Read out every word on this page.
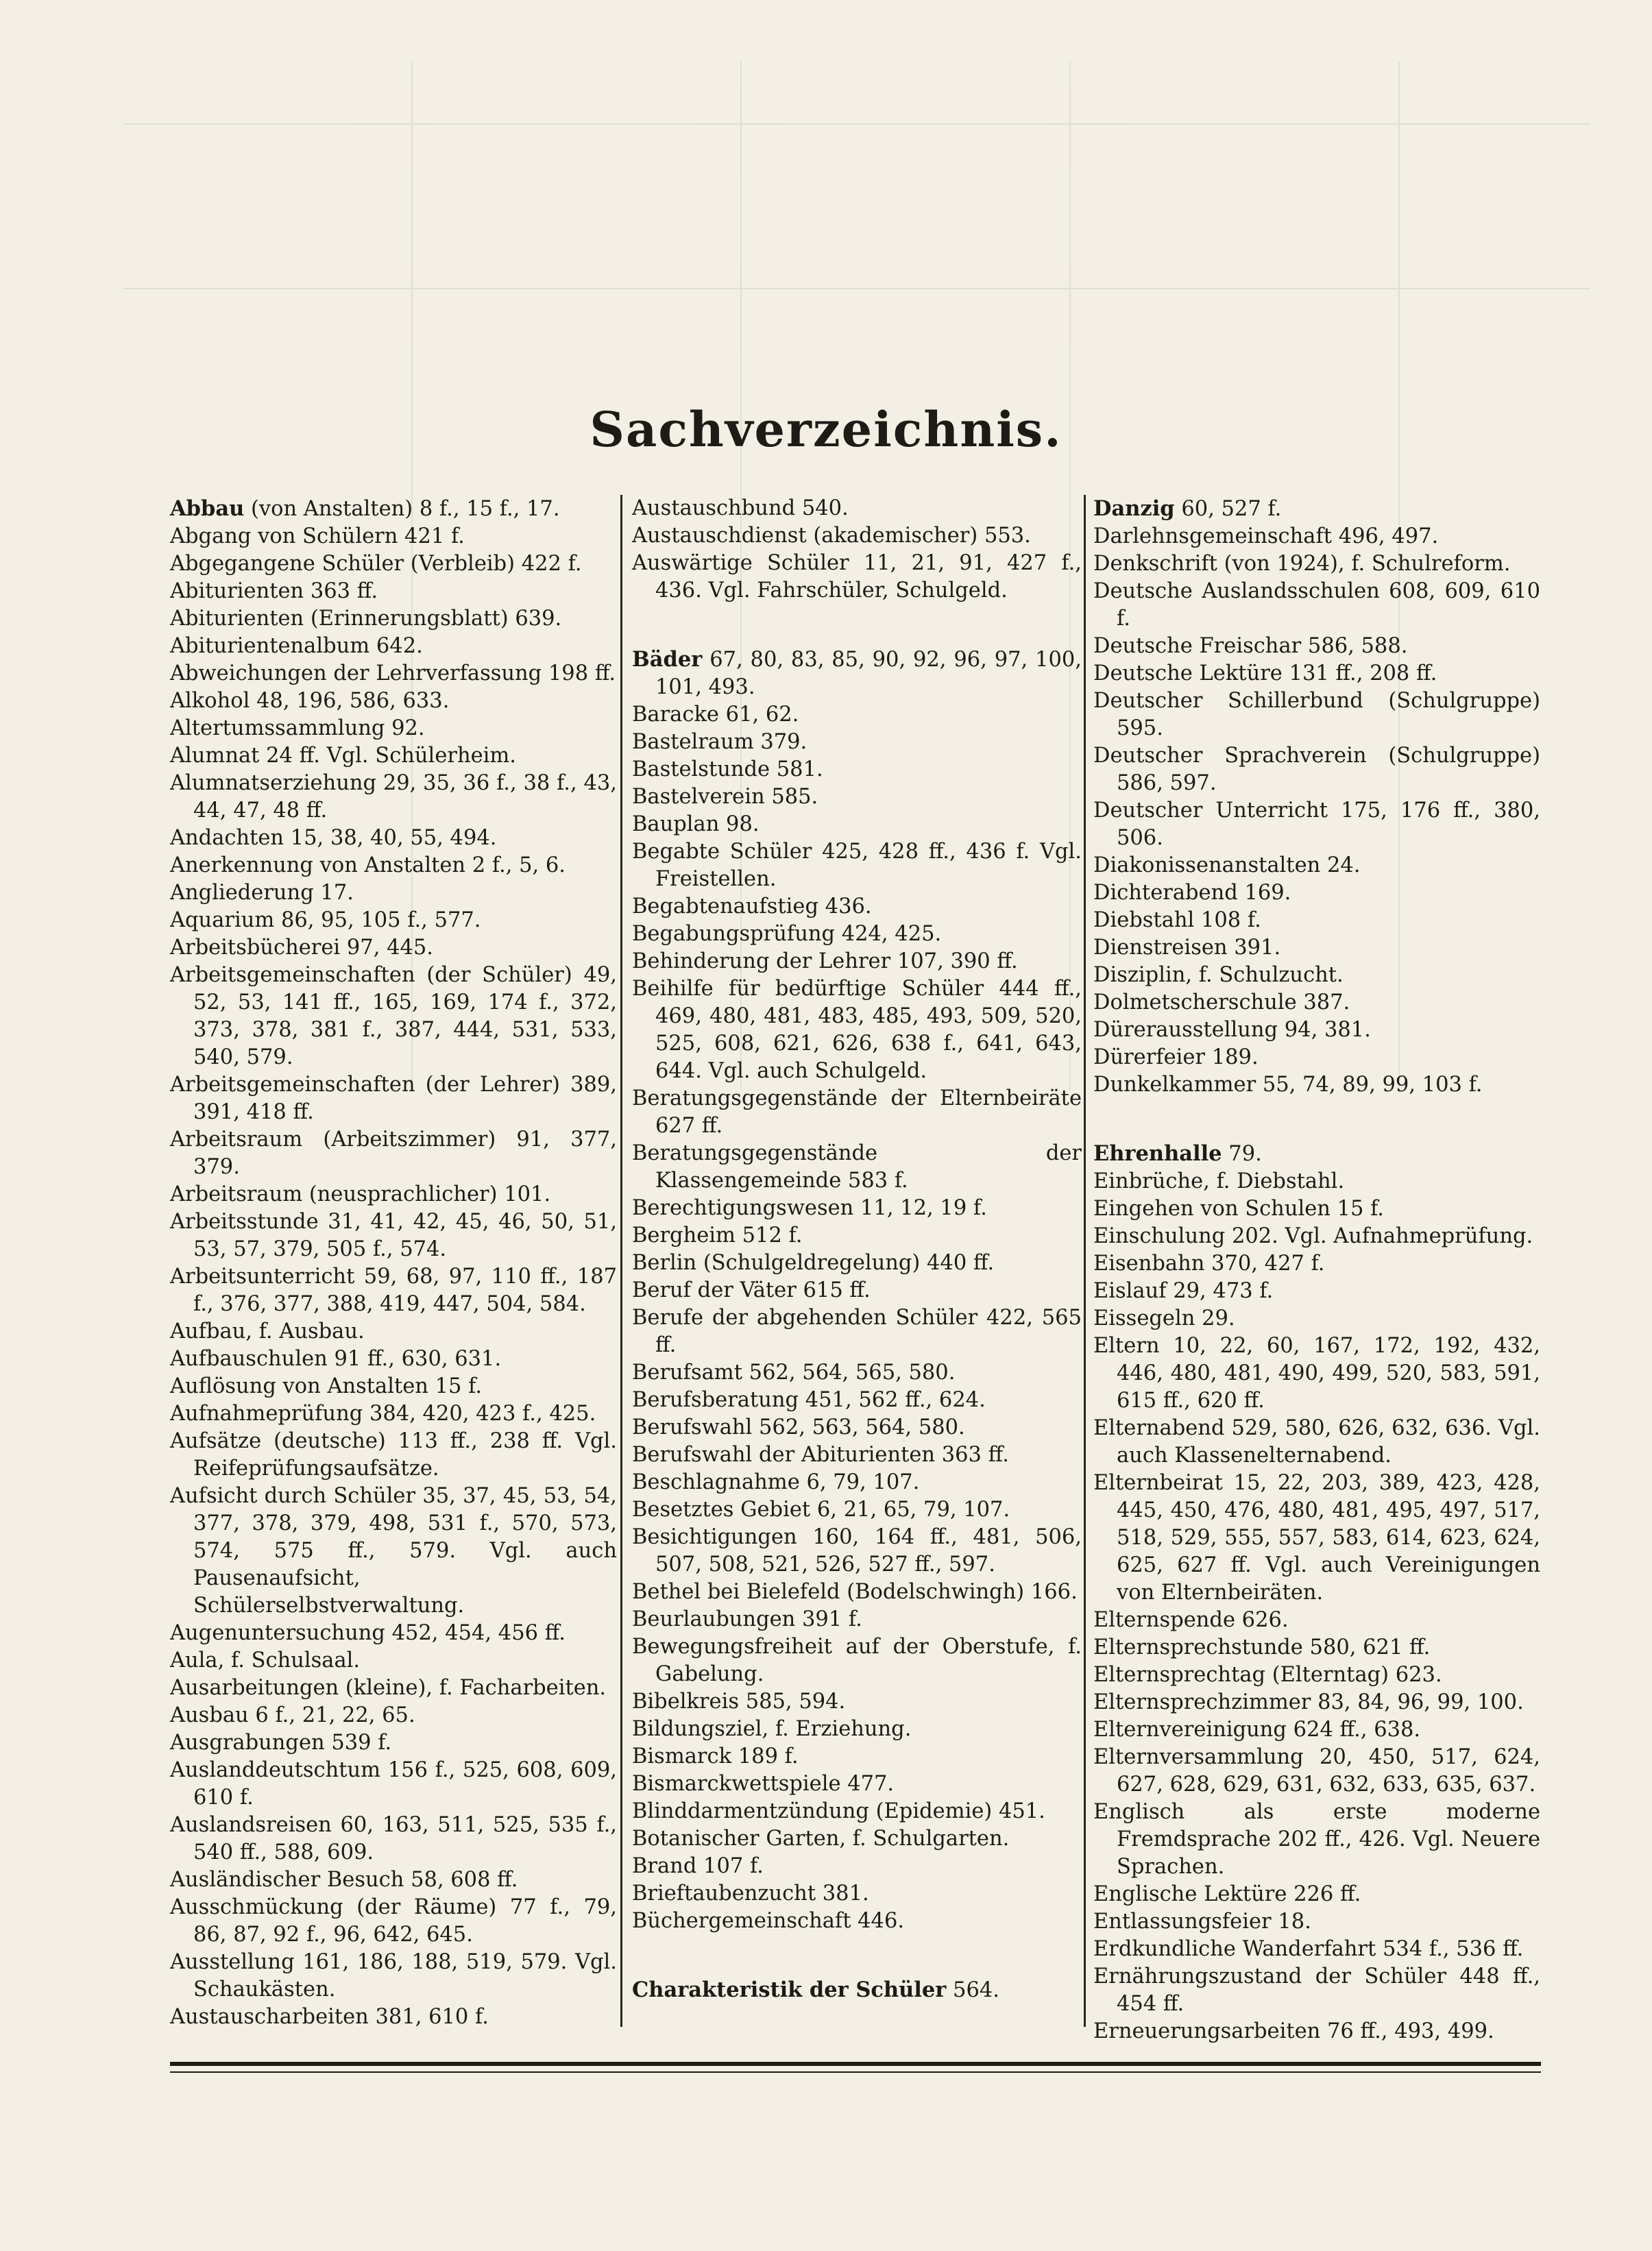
Sachverzeichnis.
Abbau (von Anstalten) 8 f., 15 f., 17.
Abgang von Schülern 421 f.
Abgegangene Schüler (Verbleib) 422 f.
Abiturienten 363 ff.
Abiturienten (Erinnerungsblatt) 639.
Abiturientenalbum 642.
Abweichungen der Lehrverfassung 198 ff.
Alkohol 48, 196, 586, 633.
Altertumssammlung 92.
Alumnat 24 ff. Vgl. Schülerheim.
Alumnatserziehung 29, 35, 36 f., 38 f., 43, 44, 47, 48 ff.
Andachten 15, 38, 40, 55, 494.
Anerkennung von Anstalten 2 f., 5, 6.
Angliederung 17.
Aquarium 86, 95, 105 f., 577.
Arbeitsbücherei 97, 445.
Arbeitsgemeinschaften (der Schüler) 49, 52, 53, 141 ff., 165, 169, 174 f., 372, 373, 378, 381 f., 387, 444, 531, 533, 540, 579.
Arbeitsgemeinschaften (der Lehrer) 389, 391, 418 ff.
Arbeitsraum (Arbeitszimmer) 91, 377, 379.
Arbeitsraum (neusprachlicher) 101.
Arbeitsstunde 31, 41, 42, 45, 46, 50, 51, 53, 57, 379, 505 f., 574.
Arbeitsunterricht 59, 68, 97, 110 ff., 187 f., 376, 377, 388, 419, 447, 504, 584.
Aufbau, f. Ausbau.
Aufbauschulen 91 ff., 630, 631.
Auflösung von Anstalten 15 f.
Aufnahmeprüfung 384, 420, 423 f., 425.
Aufsätze (deutsche) 113 ff., 238 ff. Vgl. Reifeprüfungsaufsätze.
Aufsicht durch Schüler 35, 37, 45, 53, 54, 377, 378, 379, 498, 531 f., 570, 573, 574, 575 ff., 579. Vgl. auch Pausenaufsicht, Schülerselbstverwaltung.
Augenuntersuchung 452, 454, 456 ff.
Aula, f. Schulsaal.
Ausarbeitungen (kleine), f. Facharbeiten.
Ausbau 6 f., 21, 22, 65.
Ausgrabungen 539 f.
Auslanddeutschtum 156 f., 525, 608, 609, 610 f.
Auslandsreisen 60, 163, 511, 525, 535 f., 540 ff., 588, 609.
Ausländischer Besuch 58, 608 ff.
Ausschmückung (der Räume) 77 f., 79, 86, 87, 92 f., 96, 642, 645.
Ausstellung 161, 186, 188, 519, 579. Vgl. Schaukästen.
Austauscharbeiten 381, 610 f.
Austauschbund 540.
Austauschdienst (akademischer) 553.
Auswärtige Schüler 11, 21, 91, 427 f., 436. Vgl. Fahrschüler, Schulgeld.
Bäder 67, 80, 83, 85, 90, 92, 96, 97, 100, 101, 493.
Baracke 61, 62.
Bastelraum 379.
Bastelstunde 581.
Bastelverein 585.
Bauplan 98.
Begabte Schüler 425, 428 ff., 436 f. Vgl. Freistellen.
Begabtenaufstieg 436.
Begabungsprüfung 424, 425.
Behinderung der Lehrer 107, 390 ff.
Beihilfe für bedürftige Schüler 444 ff., 469, 480, 481, 483, 485, 493, 509, 520, 525, 608, 621, 626, 638 f., 641, 643, 644. Vgl. auch Schulgeld.
Beratungsgegenstände der Elternbeiräte 627 ff.
Beratungsgegenstände der Klassengemeinde 583 f.
Berechtigungswesen 11, 12, 19 f.
Bergheim 512 f.
Berlin (Schulgeldregelung) 440 ff.
Beruf der Väter 615 ff.
Berufe der abgehenden Schüler 422, 565 ff.
Berufsamt 562, 564, 565, 580.
Berufsberatung 451, 562 ff., 624.
Berufswahl 562, 563, 564, 580.
Berufswahl der Abiturienten 363 ff.
Beschlagnahme 6, 79, 107.
Besetztes Gebiet 6, 21, 65, 79, 107.
Besichtigungen 160, 164 ff., 481, 506, 507, 508, 521, 526, 527 ff., 597.
Bethel bei Bielefeld (Bodelschwingh) 166.
Beurlaubungen 391 f.
Bewegungsfreiheit auf der Oberstufe, f. Gabelung.
Bibelkreis 585, 594.
Bildungsziel, f. Erziehung.
Bismarck 189 f.
Bismarckwettspiele 477.
Blinddarmentzündung (Epidemie) 451.
Botanischer Garten, f. Schulgarten.
Brand 107 f.
Brieftaubenzucht 381.
Büchergemeinschaft 446.
Charakteristik der Schüler 564.
Danzig 60, 527 f.
Darlehnsgemeinschaft 496, 497.
Denkschrift (von 1924), f. Schulreform.
Deutsche Auslandsschulen 608, 609, 610 f.
Deutsche Freischar 586, 588.
Deutsche Lektüre 131 ff., 208 ff.
Deutscher Schillerbund (Schulgruppe) 595.
Deutscher Sprachverein (Schulgruppe) 586, 597.
Deutscher Unterricht 175, 176 ff., 380, 506.
Diakonissenanstalten 24.
Dichterabend 169.
Diebstahl 108 f.
Dienstreisen 391.
Disziplin, f. Schulzucht.
Dolmetscherschule 387.
Dürerausstellung 94, 381.
Dürerfeier 189.
Dunkelkammer 55, 74, 89, 99, 103 f.
Ehrenhalle 79.
Einbrüche, f. Diebstahl.
Eingehen von Schulen 15 f.
Einschulung 202. Vgl. Aufnahmeprüfung.
Eisenbahn 370, 427 f.
Eislauf 29, 473 f.
Eissegeln 29.
Eltern 10, 22, 60, 167, 172, 192, 432, 446, 480, 481, 490, 499, 520, 583, 591, 615 ff., 620 ff.
Elternabend 529, 580, 626, 632, 636. Vgl. auch Klassenelternabend.
Elternbeirat 15, 22, 203, 389, 423, 428, 445, 450, 476, 480, 481, 495, 497, 517, 518, 529, 555, 557, 583, 614, 623, 624, 625, 627 ff. Vgl. auch Vereinigungen von Elternbeiräten.
Elternspende 626.
Elternsprechstunde 580, 621 ff.
Elternsprechtag (Elterntag) 623.
Elternsprechzimmer 83, 84, 96, 99, 100.
Elternvereinigung 624 ff., 638.
Elternversammlung 20, 450, 517, 624, 627, 628, 629, 631, 632, 633, 635, 637.
Englisch als erste moderne Fremdsprache 202 ff., 426. Vgl. Neuere Sprachen.
Englische Lektüre 226 ff.
Entlassungsfeier 18.
Erdkundliche Wanderfahrt 534 f., 536 ff.
Ernährungszustand der Schüler 448 ff., 454 ff.
Erneuerungsarbeiten 76 ff., 493, 499.
